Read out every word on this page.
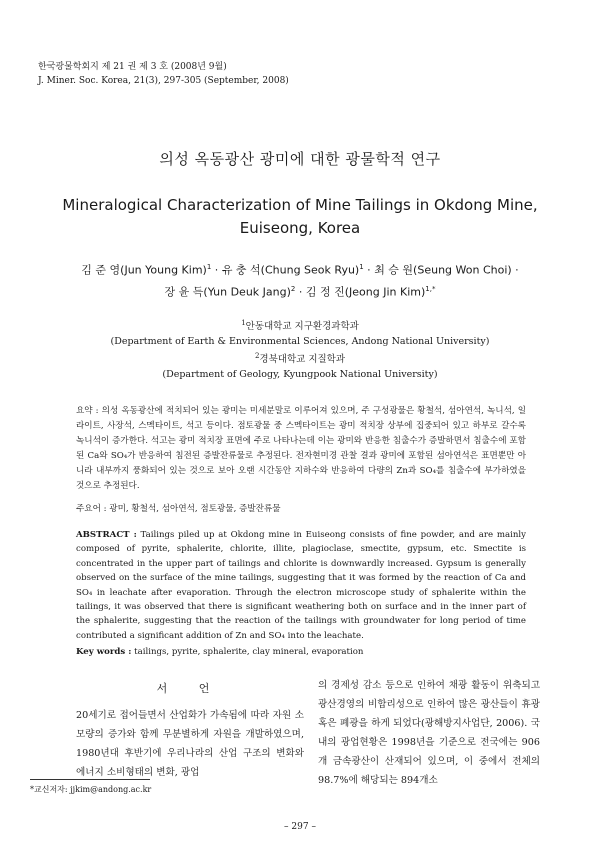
한국광물학회지 제 21 권 제 3 호 (2008년 9월)
J. Miner. Soc. Korea, 21(3), 297-305 (September, 2008)
의성 옥동광산 광미에 대한 광물학적 연구
Mineralogical Characterization of Mine Tailings in Okdong Mine, Euiseong, Korea
김 준 영(Jun Young Kim)$^1$ · 유 충 석(Chung Seok Ryu)$^1$ · 최 승 원(Seung Won Choi) ·
장 윤 득(Yun Deuk Jang)$^2$ · 김 정 진(Jeong Jin Kim)$^{1,*}$
$^1$안동대학교 지구환경과학과
(Department of Earth & Environmental Sciences, Andong National University)
$^2$경북대학교 지질학과
(Department of Geology, Kyungpook National University)
요약 : 의성 옥동광산에 적치되어 있는 광미는 미세분말로 이루어져 있으며, 주 구성광물은 황철석, 섬아연석, 녹니석, 일라이트, 사장석, 스멕타이트, 석고 등이다. 점토광물 중 스멕타이트는 광미 적치장 상부에 집중되어 있고 하부로 갈수록 녹니석이 증가한다. 석고는 광미 적치장 표면에 주로 나타나는데 이는 광미와 반응한 침출수가 증발하면서 침출수에 포함된 Ca와 SO₄가 반응하여 침전된 증발잔류물로 추정된다. 전자현미경 관찰 결과 광미에 포함된 섬아연석은 표면뿐만 아니라 내부까지 풍화되어 있는 것으로 보아 오랜 시간동안 지하수와 반응하여 다량의 Zn과 SO₄를 침출수에 부가하였을 것으로 추정된다.
주요어 : 광미, 황철석, 섬아연석, 점토광물, 증발잔류물
ABSTRACT : Tailings piled up at Okdong mine in Euiseong consists of fine powder, and are mainly composed of pyrite, sphalerite, chlorite, illite, plagioclase, smectite, gypsum, etc. Smectite is concentrated in the upper part of tailings and chlorite is downwardly increased. Gypsum is generally observed on the surface of the mine tailings, suggesting that it was formed by the reaction of Ca and SO₄ in leachate after evaporation. Through the electron microscope study of sphalerite within the tailings, it was observed that there is significant weathering both on surface and in the inner part of the sphalerite, suggesting that the reaction of the tailings with groundwater for long period of time contributed a significant addition of Zn and SO₄ into the leachate.
Key words : tailings, pyrite, sphalerite, clay mineral, evaporation
서 언
20세기로 접어들면서 산업화가 가속됨에 따라 자원 소모량의 증가와 함께 무분별하게 자원을 개발하였으며, 1980년대 후반기에 우리나라의 산업 구조의 변화와 에너지 소비형태의 변화, 광업
의 경제성 감소 등으로 인하여 채광 활동이 위축되고 광산경영의 비합리성으로 인하여 많은 광산들이 휴광 혹은 폐광을 하게 되었다(광해방지사업단, 2006). 국내의 광업현황은 1998년을 기준으로 전국에는 906개 금속광산이 산재되어 있으며, 이 중에서 전체의 98.7%에 해당되는 894개소
*교신저자: jjkim@andong.ac.kr
– 297 –
